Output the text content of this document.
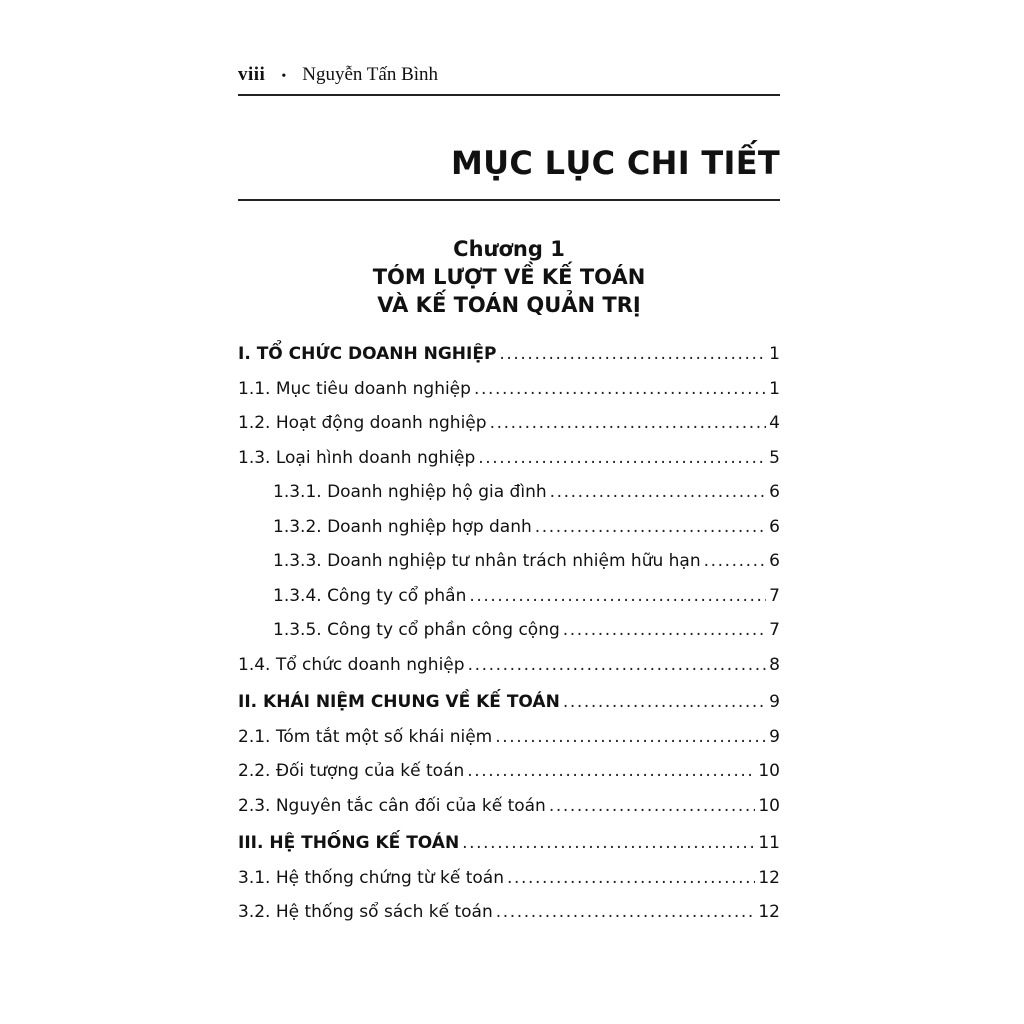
viii • Nguyễn Tấn Bình
MỤC LỤC CHI TIẾT
Chương 1
TÓM LƯỢT VỀ KẾ TOÁN
VÀ KẾ TOÁN QUẢN TRỊ
I. TỔ CHỨC DOANH NGHIỆP .....	1
1.1. Mục tiêu doanh nghiệp .....	1
1.2. Hoạt động doanh nghiệp .....	4
1.3. Loại hình doanh nghiệp .....	5
1.3.1. Doanh nghiệp hộ gia đình .....	6
1.3.2. Doanh nghiệp hợp danh .....	6
1.3.3. Doanh nghiệp tư nhân trách nhiệm hữu hạn .....	6
1.3.4. Công ty cổ phần .....	7
1.3.5. Công ty cổ phần công cộng .....	7
1.4. Tổ chức doanh nghiệp .....	8
II. KHÁI NIỆM CHUNG VỀ KẾ TOÁN .....	9
2.1. Tóm tắt một số khái niệm .....	9
2.2. Đối tượng của kế toán .....	10
2.3. Nguyên tắc cân đối của kế toán .....	10
III. HỆ THỐNG KẾ TOÁN .....	11
3.1. Hệ thống chứng từ kế toán .....	12
3.2. Hệ thống sổ sách kế toán .....	12
